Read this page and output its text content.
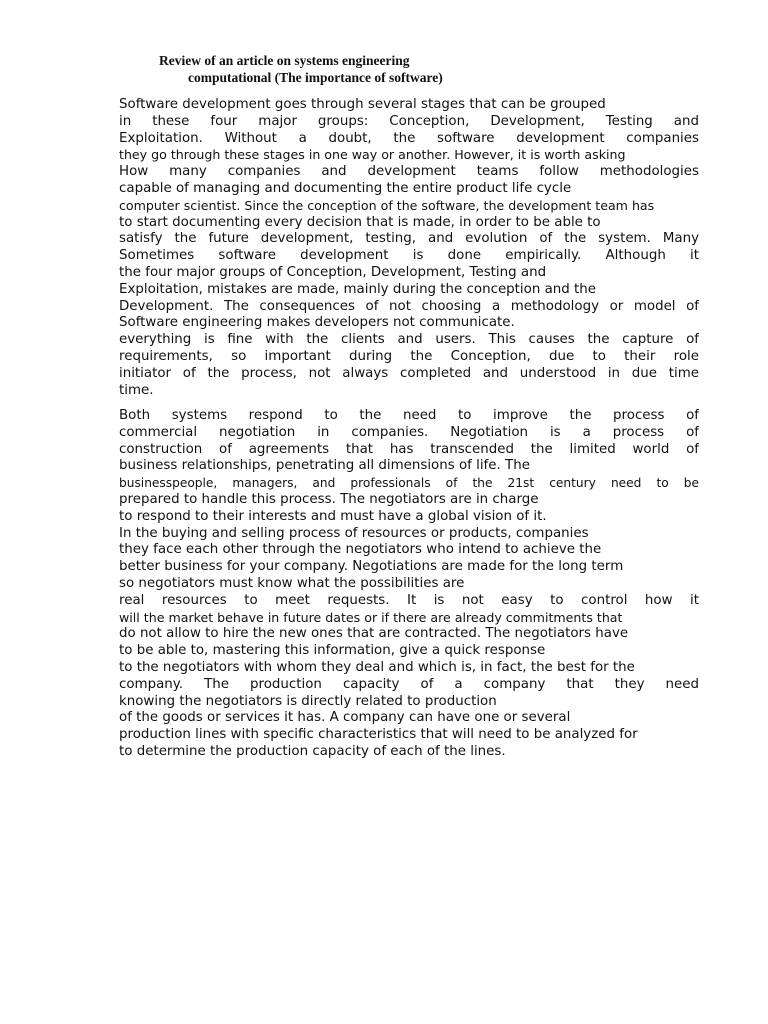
Review of an article on systems engineering
computational (The importance of software)
Software development goes through several stages that can be grouped
in these four major groups: Conception, Development, Testing and
Exploitation. Without a doubt, the software development companies
they go through these stages in one way or another. However, it is worth asking
How many companies and development teams follow methodologies
capable of managing and documenting the entire product life cycle
computer scientist. Since the conception of the software, the development team has
to start documenting every decision that is made, in order to be able to
satisfy the future development, testing, and evolution of the system. Many
Sometimes software development is done empirically. Although it
the four major groups of Conception, Development, Testing and
Exploitation, mistakes are made, mainly during the conception and the
Development. The consequences of not choosing a methodology or model of
Software engineering makes developers not communicate.
everything is fine with the clients and users. This causes the capture of
requirements, so important during the Conception, due to their role
initiator of the process, not always completed and understood in due time
time.
Both systems respond to the need to improve the process of
commercial negotiation in companies. Negotiation is a process of
construction of agreements that has transcended the limited world of
business relationships, penetrating all dimensions of life. The
businesspeople, managers, and professionals of the 21st century need to be
prepared to handle this process. The negotiators are in charge
to respond to their interests and must have a global vision of it.
In the buying and selling process of resources or products, companies
they face each other through the negotiators who intend to achieve the
better business for your company. Negotiations are made for the long term
so negotiators must know what the possibilities are
real resources to meet requests. It is not easy to control how it
will the market behave in future dates or if there are already commitments that
do not allow to hire the new ones that are contracted. The negotiators have
to be able to, mastering this information, give a quick response
to the negotiators with whom they deal and which is, in fact, the best for the
company. The production capacity of a company that they need
knowing the negotiators is directly related to production
of the goods or services it has. A company can have one or several
production lines with specific characteristics that will need to be analyzed for
to determine the production capacity of each of the lines.
